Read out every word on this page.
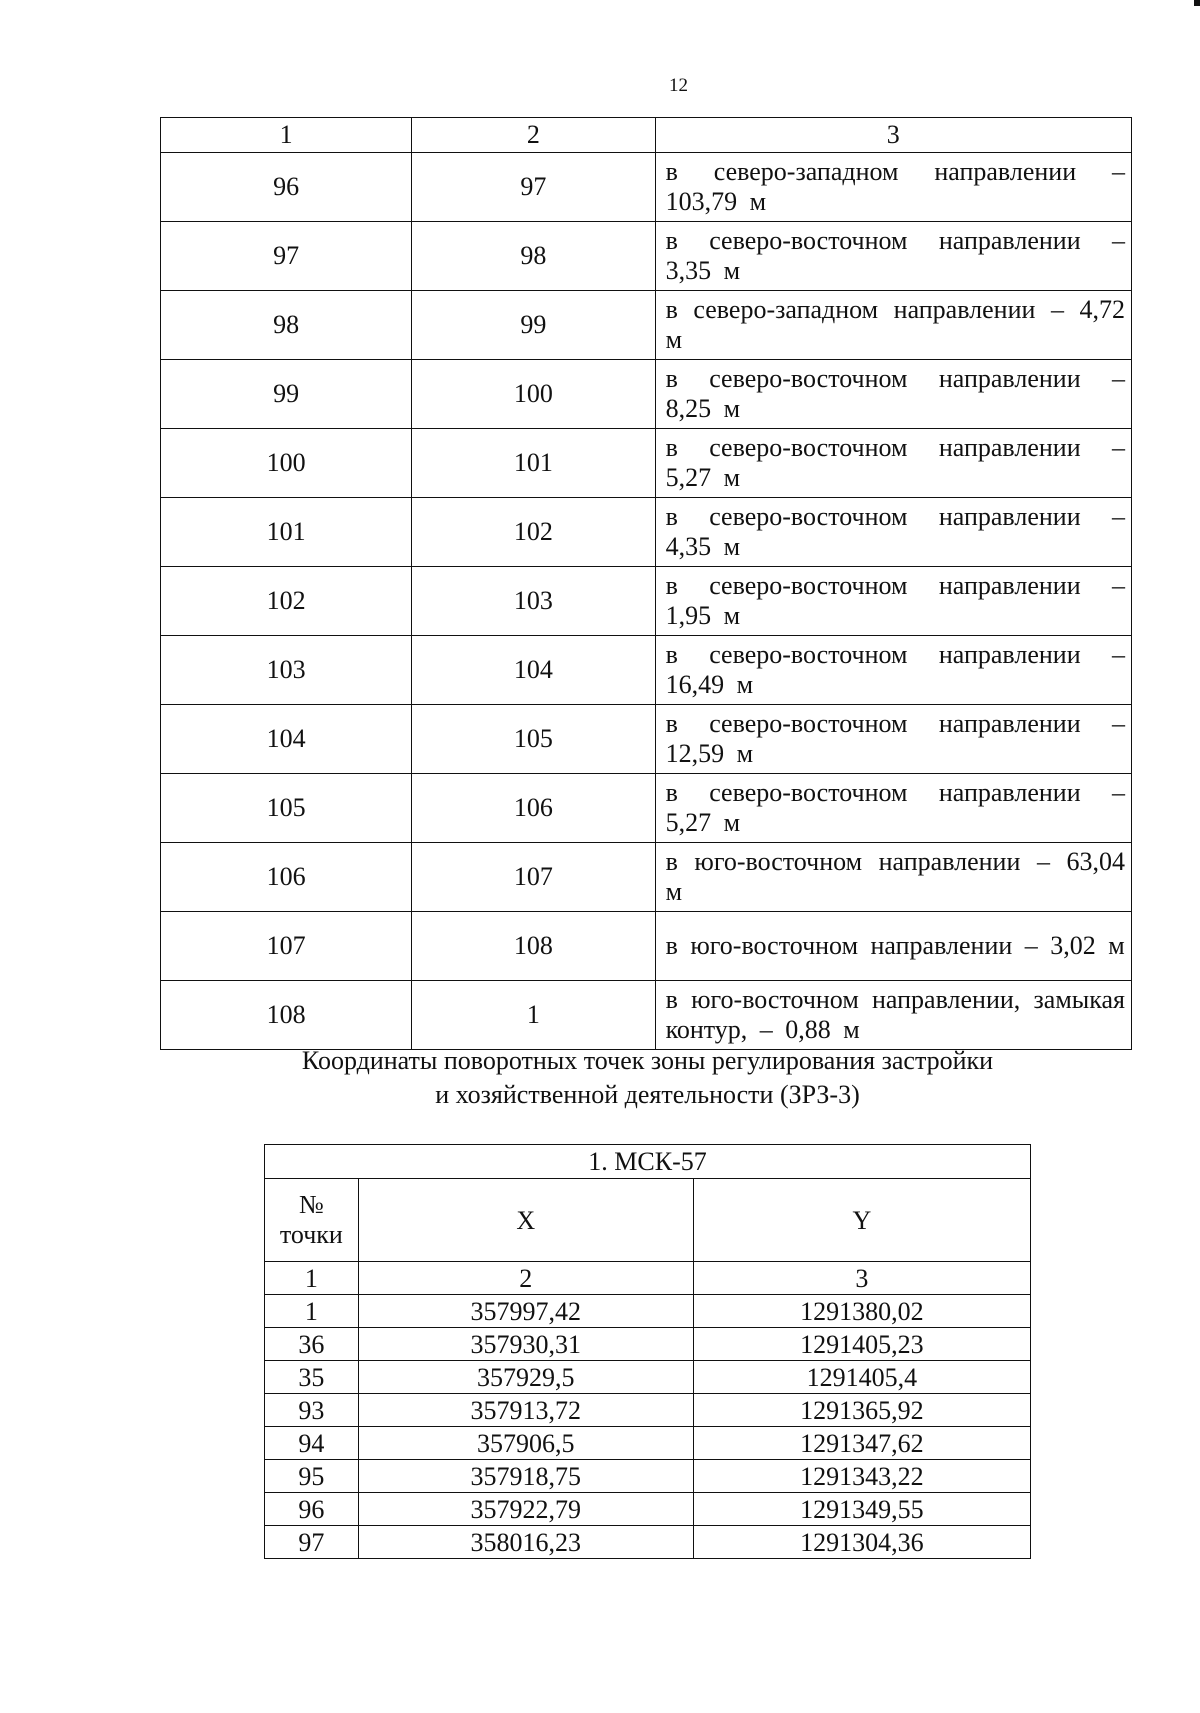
12
1	2	3
96	97	в северо-западном направлении – 103,79 м
97	98	в северо-восточном направлении – 3,35 м
98	99	в северо-западном направлении – 4,72 м
99	100	в северо-восточном направлении – 8,25 м
100	101	в северо-восточном направлении – 5,27 м
101	102	в северо-восточном направлении – 4,35 м
102	103	в северо-восточном направлении – 1,95 м
103	104	в северо-восточном направлении – 16,49 м
104	105	в северо-восточном направлении – 12,59 м
105	106	в северо-восточном направлении – 5,27 м
106	107	в юго-восточном направлении – 63,04 м
107	108	в юго-восточном направлении – 3,02 м
108	1	в юго-восточном направлении, замыкая контур, – 0,88 м
Координаты поворотных точек зоны регулирования застройки
и хозяйственной деятельности (ЗРЗ-3)
1. МСК-57		

№
точки	X	Y
1	2	3
1	357997,42	1291380,02
36	357930,31	1291405,23
35	357929,5	1291405,4
93	357913,72	1291365,92
94	357906,5	1291347,62
95	357918,75	1291343,22
96	357922,79	1291349,55
97	358016,23	1291304,36
